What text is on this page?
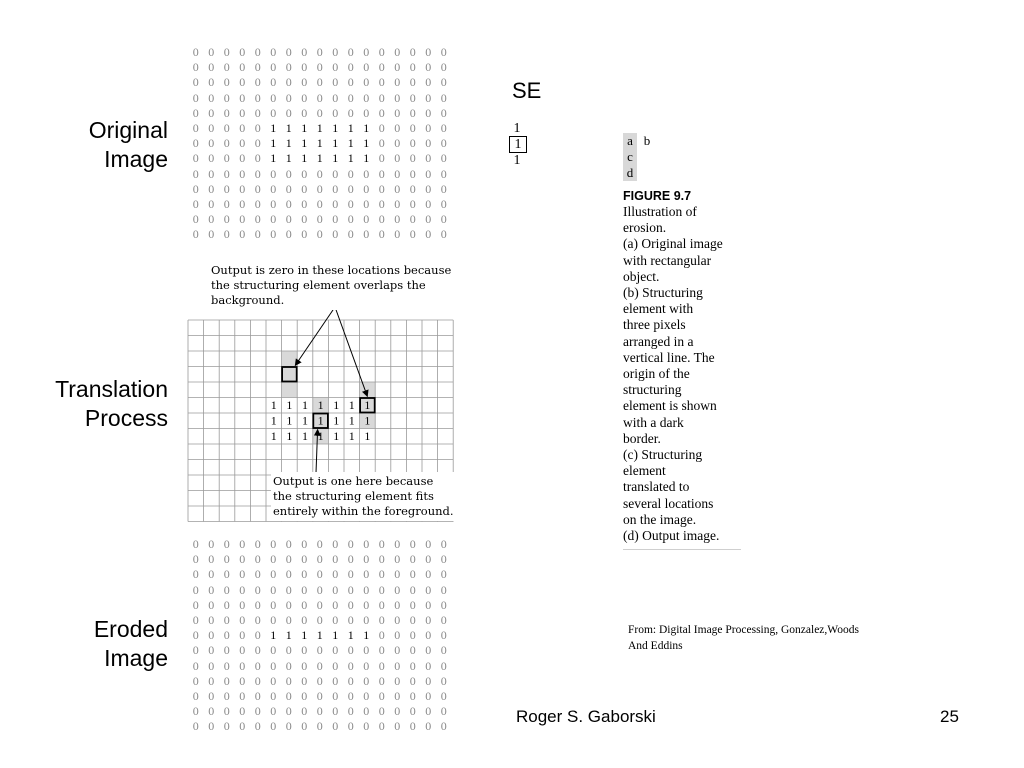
Original
Image
Translation
Process
Eroded
Image
0 0 0 0 0 0 0 0 0 0 0 0 0 0 0 0 0
0 0 0 0 0 0 0 0 0 0 0 0 0 0 0 0 0
0 0 0 0 0 0 0 0 0 0 0 0 0 0 0 0 0
0 0 0 0 0 0 0 0 0 0 0 0 0 0 0 0 0
0 0 0 0 0 0 0 0 0 0 0 0 0 0 0 0 0
0 0 0 0 0 1 1 1 1 1 1 1 0 0 0 0 0
0 0 0 0 0 1 1 1 1 1 1 1 0 0 0 0 0
0 0 0 0 0 1 1 1 1 1 1 1 0 0 0 0 0
0 0 0 0 0 0 0 0 0 0 0 0 0 0 0 0 0
0 0 0 0 0 0 0 0 0 0 0 0 0 0 0 0 0
0 0 0 0 0 0 0 0 0 0 0 0 0 0 0 0 0
0 0 0 0 0 0 0 0 0 0 0 0 0 0 0 0 0
0 0 0 0 0 0 0 0 0 0 0 0 0 0 0 0 0
0 0 0 0 0 0 0 0 0 0 0 0 0 0 0 0 0
0 0 0 0 0 0 0 0 0 0 0 0 0 0 0 0 0
0 0 0 0 0 0 0 0 0 0 0 0 0 0 0 0 0
0 0 0 0 0 0 0 0 0 0 0 0 0 0 0 0 0
0 0 0 0 0 0 0 0 0 0 0 0 0 0 0 0 0
0 0 0 0 0 0 0 0 0 0 0 0 0 0 0 0 0
0 0 0 0 0 1 1 1 1 1 1 1 0 0 0 0 0
0 0 0 0 0 0 0 0 0 0 0 0 0 0 0 0 0
0 0 0 0 0 0 0 0 0 0 0 0 0 0 0 0 0
0 0 0 0 0 0 0 0 0 0 0 0 0 0 0 0 0
0 0 0 0 0 0 0 0 0 0 0 0 0 0 0 0 0
0 0 0 0 0 0 0 0 0 0 0 0 0 0 0 0 0
0 0 0 0 0 0 0 0 0 0 0 0 0 0 0 0 0
1 1 1 1 1 1 1
1 1 1 1 1 1 1
1 1 1 1 1 1 1
Output is zero in these locations because
the structuring element overlaps the
background.
Output is one here because
the structuring element fits
entirely within the foreground.
SE
1
1
1
a b
c
d
FIGURE 9.7
Illustration of
erosion.
(a) Original image
with rectangular
object.
(b) Structuring
element with
three pixels
arranged in a
vertical line. The
origin of the
structuring
element is shown
with a dark
border.
(c) Structuring
element
translated to
several locations
on the image.
(d) Output image.
From: Digital Image Processing, Gonzalez,Woods
And Eddins
Roger S. Gaborski	25
